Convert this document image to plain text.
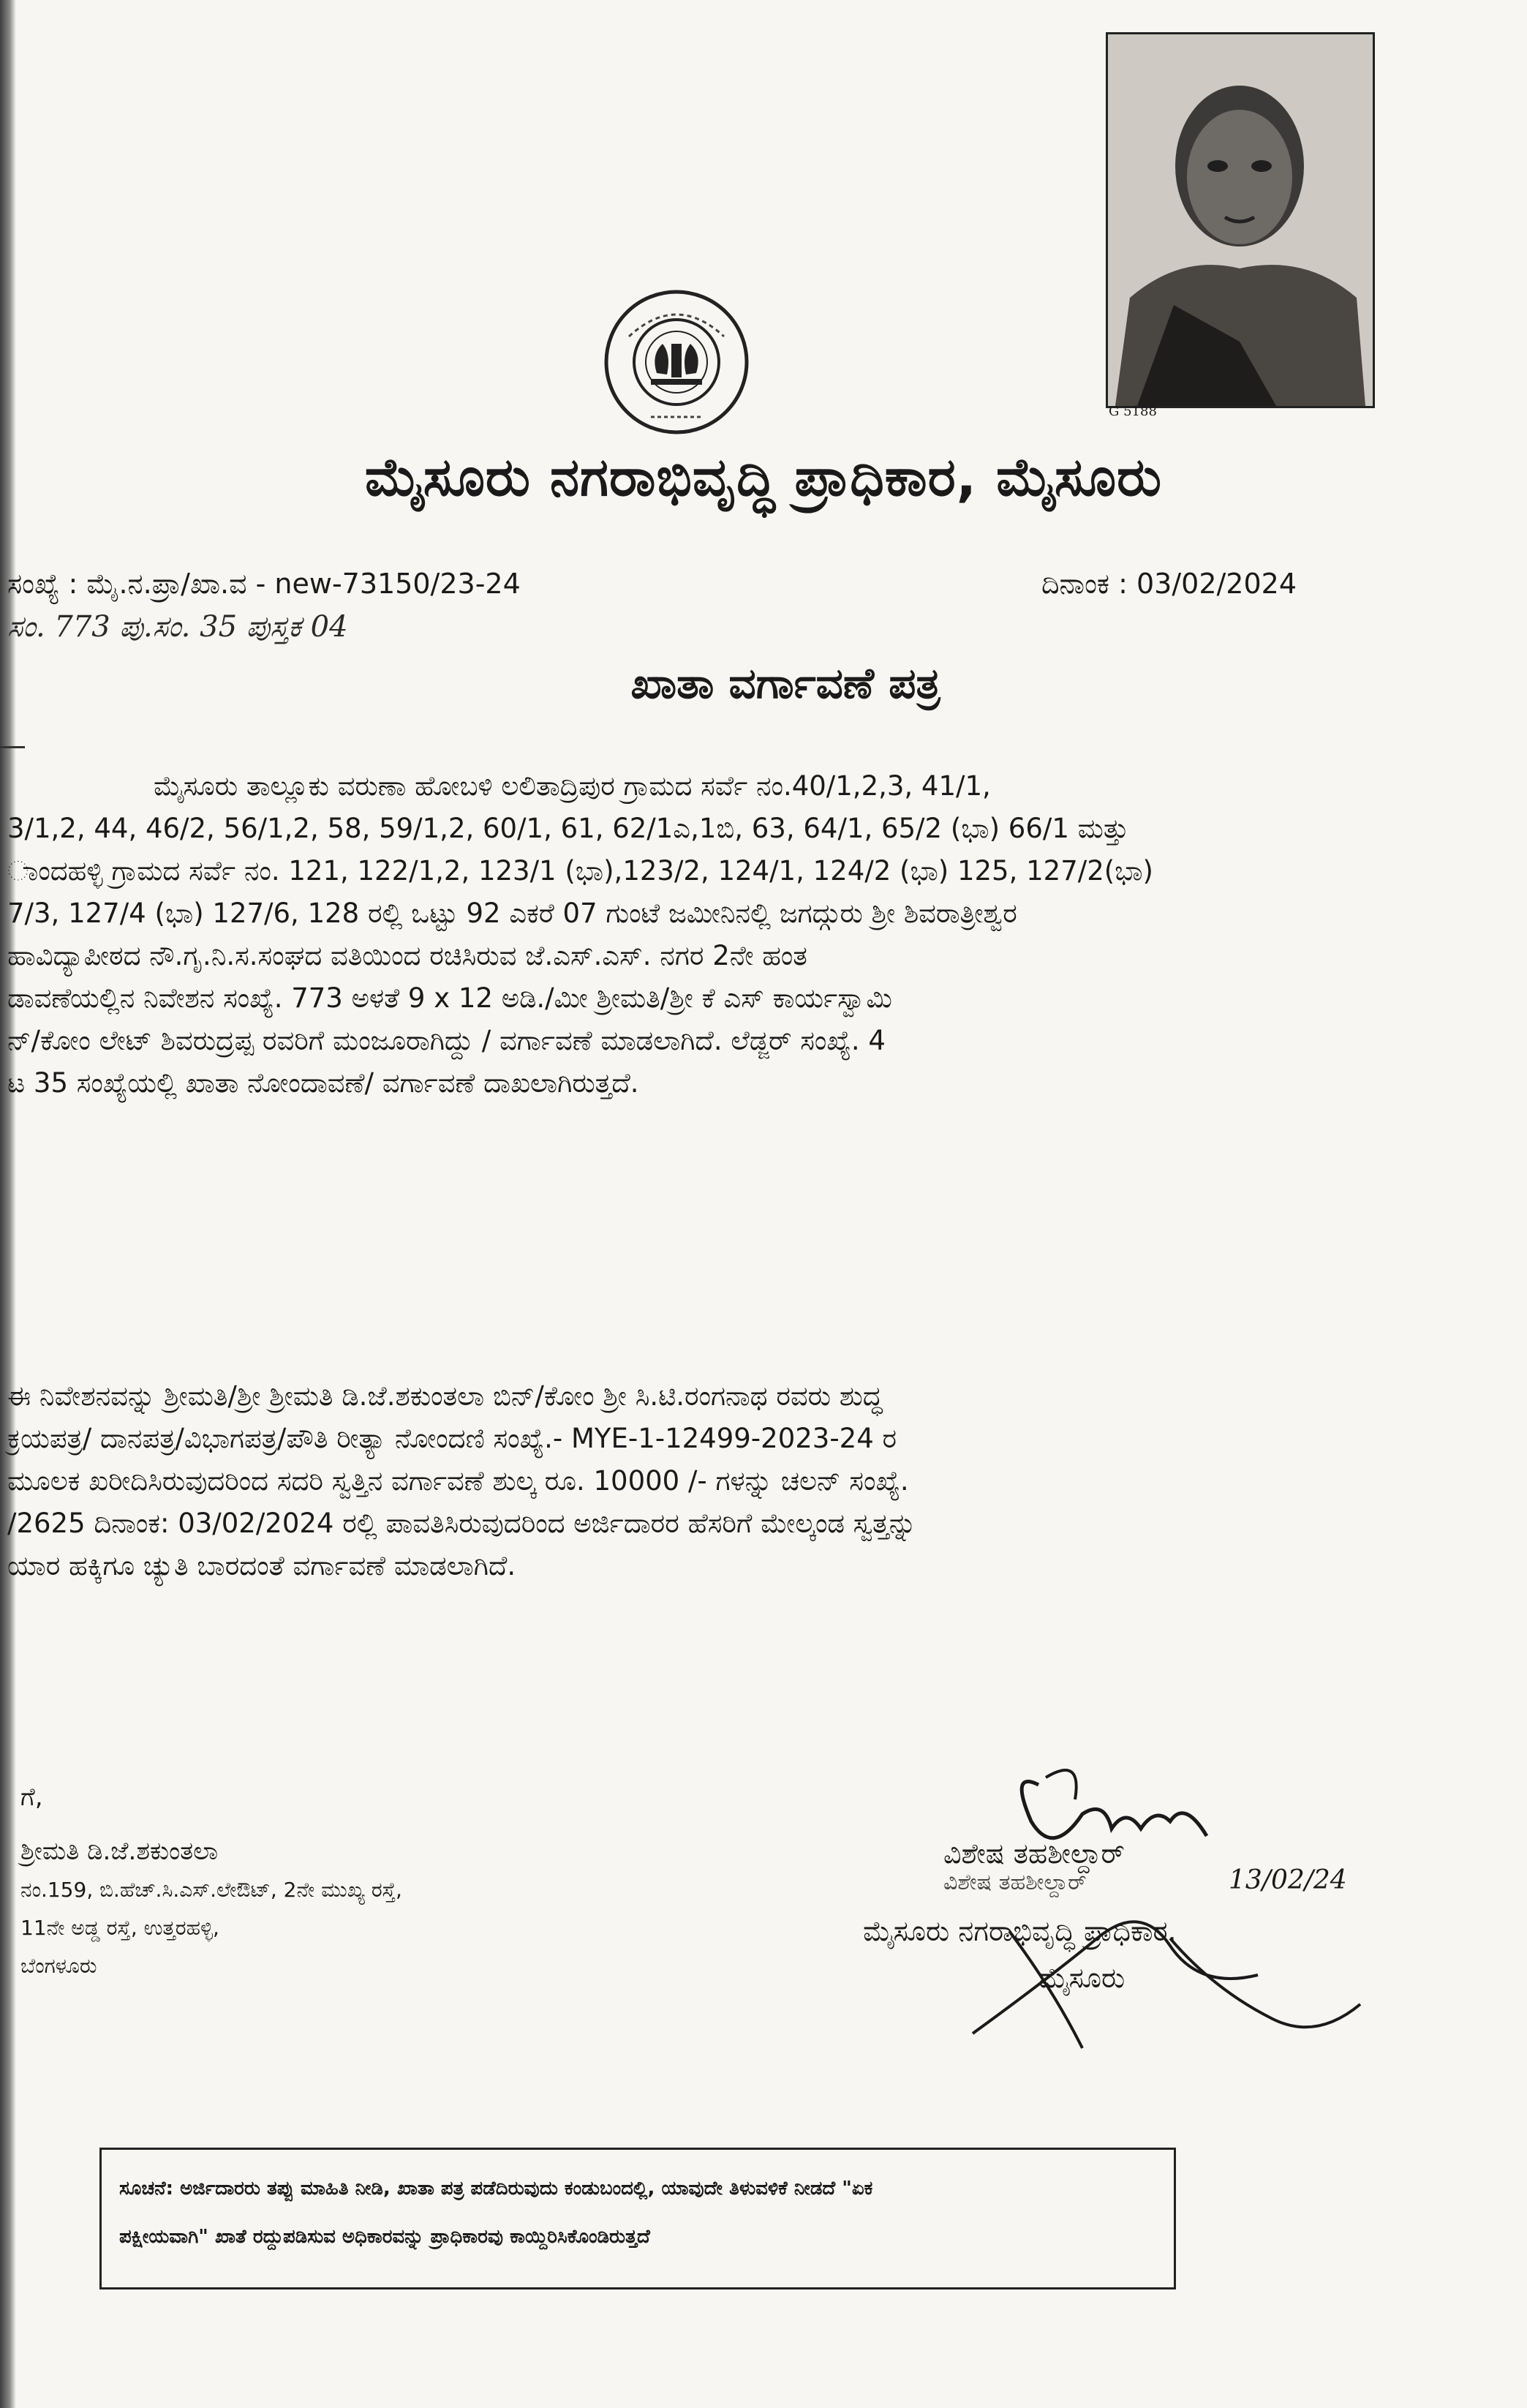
G 5188
ಮೈಸೂರು ನಗರಾಭಿವೃದ್ಧಿ ಪ್ರಾಧಿಕಾರ, ಮೈಸೂರು
ಸಂಖ್ಯೆ : ಮೈ.ನ.ಪ್ರಾ/ಖಾ.ವ - new-73150/23-24	ದಿನಾಂಕ : 03/02/2024
ಸಂ. 773 ಪು.ಸಂ. 35 ಪುಸ್ತಕ 04
ಖಾತಾ ವರ್ಗಾವಣೆ ಪತ್ರ
ಮೈಸೂರು ತಾಲ್ಲೂಕು ವರುಣಾ ಹೋಬಳಿ ಲಲಿತಾದ್ರಿಪುರ ಗ್ರಾಮದ ಸರ್ವೆ ನಂ.40/1,2,3, 41/1,
3/1,2, 44, 46/2, 56/1,2, 58, 59/1,2, 60/1, 61, 62/1ಎ,1ಬಿ, 63, 64/1, 65/2 (ಭಾ) 66/1 ಮತ್ತು
ಾಂದಹಳ್ಳಿ ಗ್ರಾಮದ ಸರ್ವೆ ನಂ. 121, 122/1,2, 123/1 (ಭಾ),123/2, 124/1, 124/2 (ಭಾ) 125, 127/2(ಭಾ)
7/3, 127/4 (ಭಾ) 127/6, 128 ರಲ್ಲಿ ಒಟ್ಟು 92 ಎಕರೆ 07 ಗುಂಟೆ ಜಮೀನಿನಲ್ಲಿ ಜಗದ್ಗುರು ಶ್ರೀ ಶಿವರಾತ್ರೀಶ್ವರ
ಹಾವಿದ್ಯಾಪೀಠದ ನೌ.ಗೃ.ನಿ.ಸ.ಸಂಘದ ವತಿಯಿಂದ ರಚಿಸಿರುವ ಜೆ.ಎಸ್.ಎಸ್. ನಗರ 2ನೇ ಹಂತ
ಡಾವಣೆಯಲ್ಲಿನ ನಿವೇಶನ ಸಂಖ್ಯೆ. 773 ಅಳತೆ 9 x 12 ಅಡಿ./ಮೀ ಶ್ರೀಮತಿ/ಶ್ರೀ ಕೆ ಎಸ್ ಕಾರ್ಯಸ್ವಾಮಿ
ನ್/ಕೋಂ ಲೇಟ್ ಶಿವರುದ್ರಪ್ಪ ರವರಿಗೆ ಮಂಜೂರಾಗಿದ್ದು / ವರ್ಗಾವಣೆ ಮಾಡಲಾಗಿದೆ. ಲೆಡ್ಜರ್ ಸಂಖ್ಯೆ. 4
ಟ 35 ಸಂಖ್ಯೆಯಲ್ಲಿ ಖಾತಾ ನೋಂದಾವಣೆ/ ವರ್ಗಾವಣೆ ದಾಖಲಾಗಿರುತ್ತದೆ.
ಈ ನಿವೇಶನವನ್ನು ಶ್ರೀಮತಿ/ಶ್ರೀ ಶ್ರೀಮತಿ ಡಿ.ಜೆ.ಶಕುಂತಲಾ ಬಿನ್/ಕೋಂ ಶ್ರೀ ಸಿ.ಟಿ.ರಂಗನಾಥ ರವರು ಶುದ್ಧ
ಕ್ರಯಪತ್ರ/ ದಾನಪತ್ರ/ವಿಭಾಗಪತ್ರ/ಪೌತಿ ರೀತ್ಯಾ ನೋಂದಣಿ ಸಂಖ್ಯೆ.- MYE-1-12499-2023-24 ರ
ಮೂಲಕ ಖರೀದಿಸಿರುವುದರಿಂದ ಸದರಿ ಸ್ವತ್ತಿನ ವರ್ಗಾವಣೆ ಶುಲ್ಕ ರೂ. 10000 /- ಗಳನ್ನು ಚಲನ್ ಸಂಖ್ಯೆ.
/2625 ದಿನಾಂಕ: 03/02/2024 ರಲ್ಲಿ ಪಾವತಿಸಿರುವುದರಿಂದ ಅರ್ಜಿದಾರರ ಹೆಸರಿಗೆ ಮೇಲ್ಕಂಡ ಸ್ವತ್ತನ್ನು
ಯಾರ ಹಕ್ಕಿಗೂ ಚ್ಯುತಿ ಬಾರದಂತೆ ವರ್ಗಾವಣೆ ಮಾಡಲಾಗಿದೆ.
ಗೆ,
ಶ್ರೀಮತಿ ಡಿ.ಜೆ.ಶಕುಂತಲಾ
ನಂ.159, ಬಿ.ಹೆಚ್.ಸಿ.ಎಸ್.ಲೇಔಟ್, 2ನೇ ಮುಖ್ಯ ರಸ್ತೆ,
11ನೇ ಅಡ್ಡ ರಸ್ತೆ, ಉತ್ತರಹಳ್ಳಿ,
ಬೆಂಗಳೂರು
ವಿಶೇಷ ತಹಶೀಲ್ದಾರ್
ವಿಶೇಷ ತಹಶೀಲ್ದಾರ್	13/02/24
ಮೈಸೂರು ನಗರಾಭಿವೃದ್ಧಿ ಪ್ರಾಧಿಕಾರ.
ಮೈಸೂರು
ಸೂಚನೆ: ಅರ್ಜಿದಾರರು ತಪ್ಪು ಮಾಹಿತಿ ನೀಡಿ, ಖಾತಾ ಪತ್ರ ಪಡೆದಿರುವುದು ಕಂಡುಬಂದಲ್ಲಿ, ಯಾವುದೇ ತಿಳುವಳಿಕೆ ನೀಡದೆ "ಏಕ
ಪಕ್ಷೀಯವಾಗಿ" ಖಾತೆ ರದ್ದುಪಡಿಸುವ ಅಧಿಕಾರವನ್ನು ಪ್ರಾಧಿಕಾರವು ಕಾಯ್ದಿರಿಸಿಕೊಂಡಿರುತ್ತದೆ
